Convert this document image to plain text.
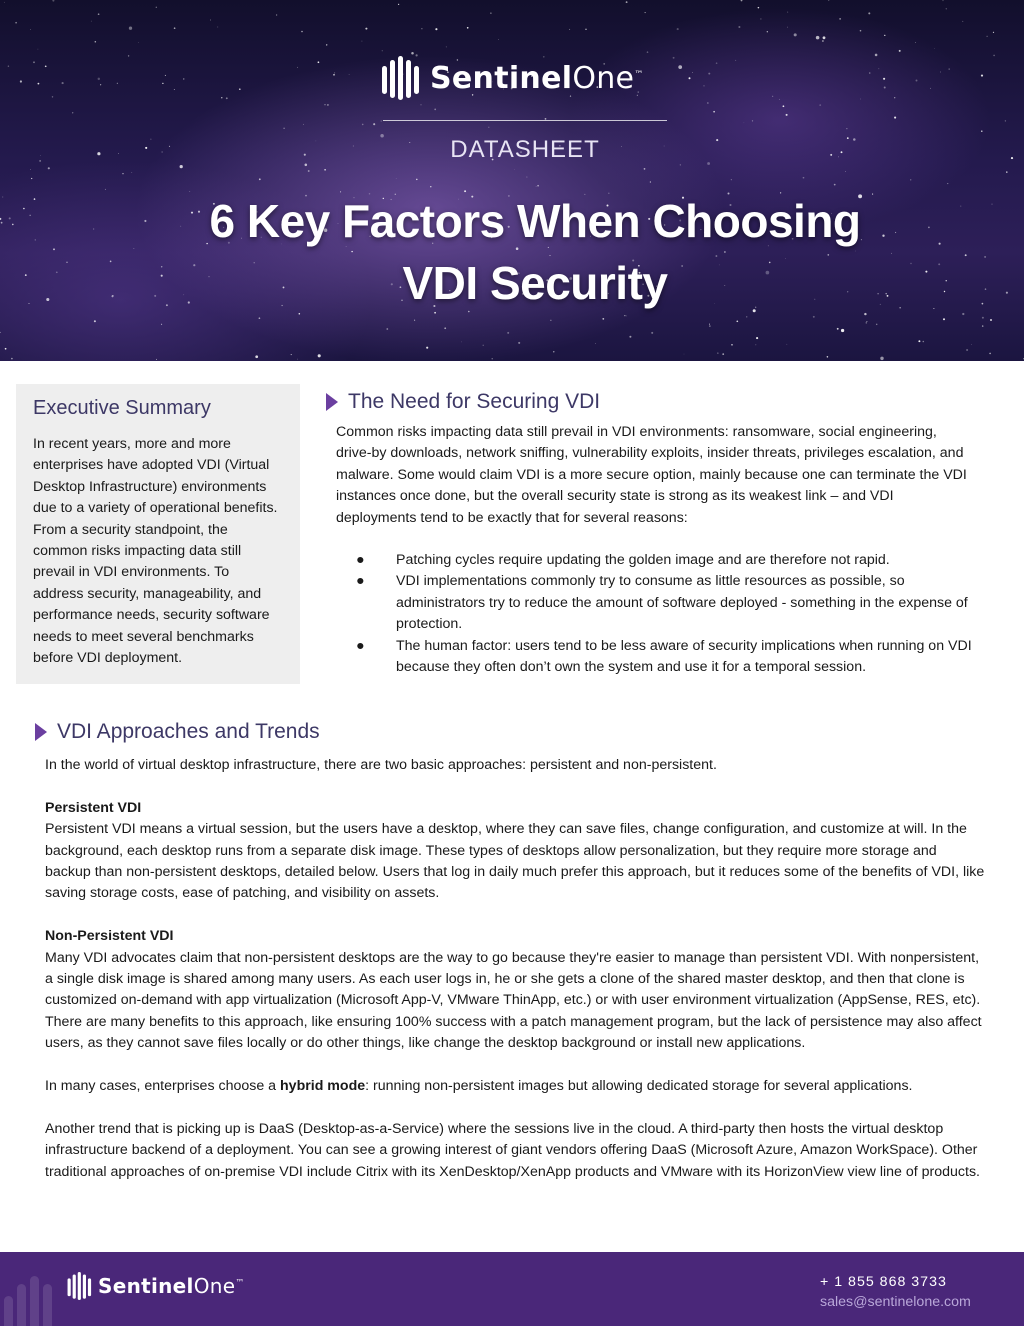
SentinelOne™
DATASHEET
6 Key Factors When Choosing
VDI Security
Executive Summary

In recent years, more and more enterprises have adopted VDI (Virtual Desktop Infrastructure) environments due to a variety of operational benefits. From a security standpoint, the common risks impacting data still prevail in VDI environments. To address security, manageability, and performance needs, security software needs to meet several benchmarks before VDI deployment.

The Need for Securing VDI

Common risks impacting data still prevail in VDI environments: ransomware, social engineering, drive-by downloads, network sniffing, vulnerability exploits, insider threats, privileges escalation, and malware. Some would claim VDI is a more secure option, mainly because one can terminate the VDI instances once done, but the overall security state is strong as its weakest link – and VDI deployments tend to be exactly that for several reasons:

● Patching cycles require updating the golden image and are therefore not rapid.
● VDI implementations commonly try to consume as little resources as possible, so administrators try to reduce the amount of software deployed - something in the expense of protection.
● The human factor: users tend to be less aware of security implications when running on VDI because they often don’t own the system and use it for a temporal session.
VDI Approaches and Trends

In the world of virtual desktop infrastructure, there are two basic approaches: persistent and non-persistent.

Persistent VDI
Persistent VDI means a virtual session, but the users have a desktop, where they can save files, change configuration, and customize at will. In the background, each desktop runs from a separate disk image. These types of desktops allow personalization, but they require more storage and backup than non-persistent desktops, detailed below. Users that log in daily much prefer this approach, but it reduces some of the benefits of VDI, like saving storage costs, ease of patching, and visibility on assets.

Non-Persistent VDI
Many VDI advocates claim that non-persistent desktops are the way to go because they're easier to manage than persistent VDI. With nonpersistent, a single disk image is shared among many users. As each user logs in, he or she gets a clone of the shared master desktop, and then that clone is customized on-demand with app virtualization (Microsoft App-V, VMware ThinApp, etc.) or with user environment virtualization (AppSense, RES, etc). There are many benefits to this approach, like ensuring 100% success with a patch management program, but the lack of persistence may also affect users, as they cannot save files locally or do other things, like change the desktop background or install new applications.

In many cases, enterprises choose a hybrid mode: running non-persistent images but allowing dedicated storage for several applications.

Another trend that is picking up is DaaS (Desktop-as-a-Service) where the sessions live in the cloud. A third-party then hosts the virtual desktop infrastructure backend of a deployment. You can see a growing interest of giant vendors offering DaaS (Microsoft Azure, Amazon WorkSpace). Other traditional approaches of on-premise VDI include Citrix with its XenDesktop/XenApp products and VMware with its HorizonView view line of products.

SentinelOne™	+ 1 855 868 3733
sales@sentinelone.com
